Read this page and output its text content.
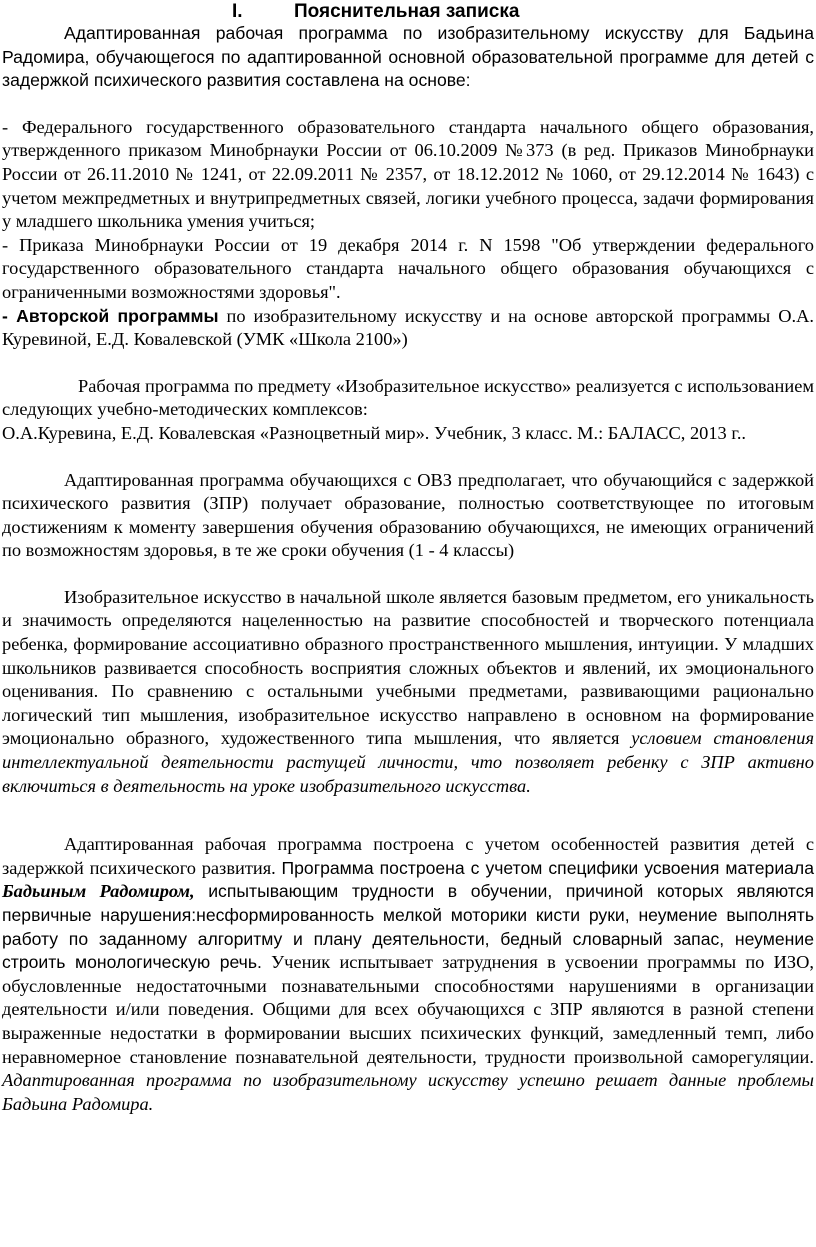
I.	Пояснительная записка

Адаптированная рабочая программа по изобразительному искусству для Бадьина Радомира, обучающегося по адаптированной основной образовательной программе для детей с задержкой психического развития составлена на основе:

- Федерального государственного образовательного стандарта начального общего образования, утвержденного приказом Минобрнауки России от 06.10.2009 №373 (в ред. Приказов Минобрнауки России от 26.11.2010 № 1241, от 22.09.2011 № 2357, от 18.12.2012 № 1060, от 29.12.2014 № 1643) с учетом межпредметных и внутрипредметных связей, логики учебного процесса, задачи формирования у младшего школьника умения учиться;

- Приказа Минобрнауки России от 19 декабря 2014 г. N 1598 "Об утверждении федерального государственного образовательного стандарта начального общего образования обучающихся с ограниченными возможностями здоровья".

- Авторской программы по изобразительному искусству и на основе авторской программы О.А. Куревиной, Е.Д. Ковалевской (УМК «Школа 2100»)

Рабочая программа по предмету «Изобразительное искусство» реализуется с использованием следующих учебно-методических комплексов:

О.А.Куревина, Е.Д. Ковалевская «Разноцветный мир». Учебник, 3 класс. М.: БАЛАСС, 2013 г..

Адаптированная программа обучающихся с ОВЗ предполагает, что обучающийся с задержкой психического развития (ЗПР) получает образование, полностью соответствующее по итоговым достижениям к моменту завершения обучения образованию обучающихся, не имеющих ограничений по возможностям здоровья, в те же сроки обучения (1 - 4 классы)

Изобразительное искусство в начальной школе является базовым предметом, его уникальность и значимость определяются нацеленностью на развитие способностей и творческого потенциала ребенка, формирование ассоциативно образного пространственного мышления, интуиции. У младших школьников развивается способность восприятия сложных объектов и явлений, их эмоционального оценивания. По сравнению с остальными учебными предметами, развивающими рационально логический тип мышления, изобразительное искусство направлено в основном на формирование эмоционально образного, художественного типа мышления, что является условием становления интеллектуальной деятельности растущей личности, что позволяет ребенку с ЗПР активно включиться в деятельность на уроке изобразительного искусства.

Адаптированная рабочая программа построена с учетом особенностей развития детей с задержкой психического развития. Программа построена с учетом специфики усвоения материала Бадьиным Радомиром, испытывающим трудности в обучении, причиной которых являются первичные нарушения:несформированность мелкой моторики кисти руки, неумение выполнять работу по заданному алгоритму и плану деятельности, бедный словарный запас, неумение строить монологическую речь. Ученик испытывает затруднения в усвоении программы по ИЗО, обусловленные недостаточными познавательными способностями нарушениями в организации деятельности и/или поведения. Общими для всех обучающихся с ЗПР являются в разной степени выраженные недостатки в формировании высших психических функций, замедленный темп, либо неравномерное становление познавательной деятельности, трудности произвольной саморегуляции. Адаптированная программа по изобразительному искусству успешно решает данные проблемы Бадьина Радомира.
